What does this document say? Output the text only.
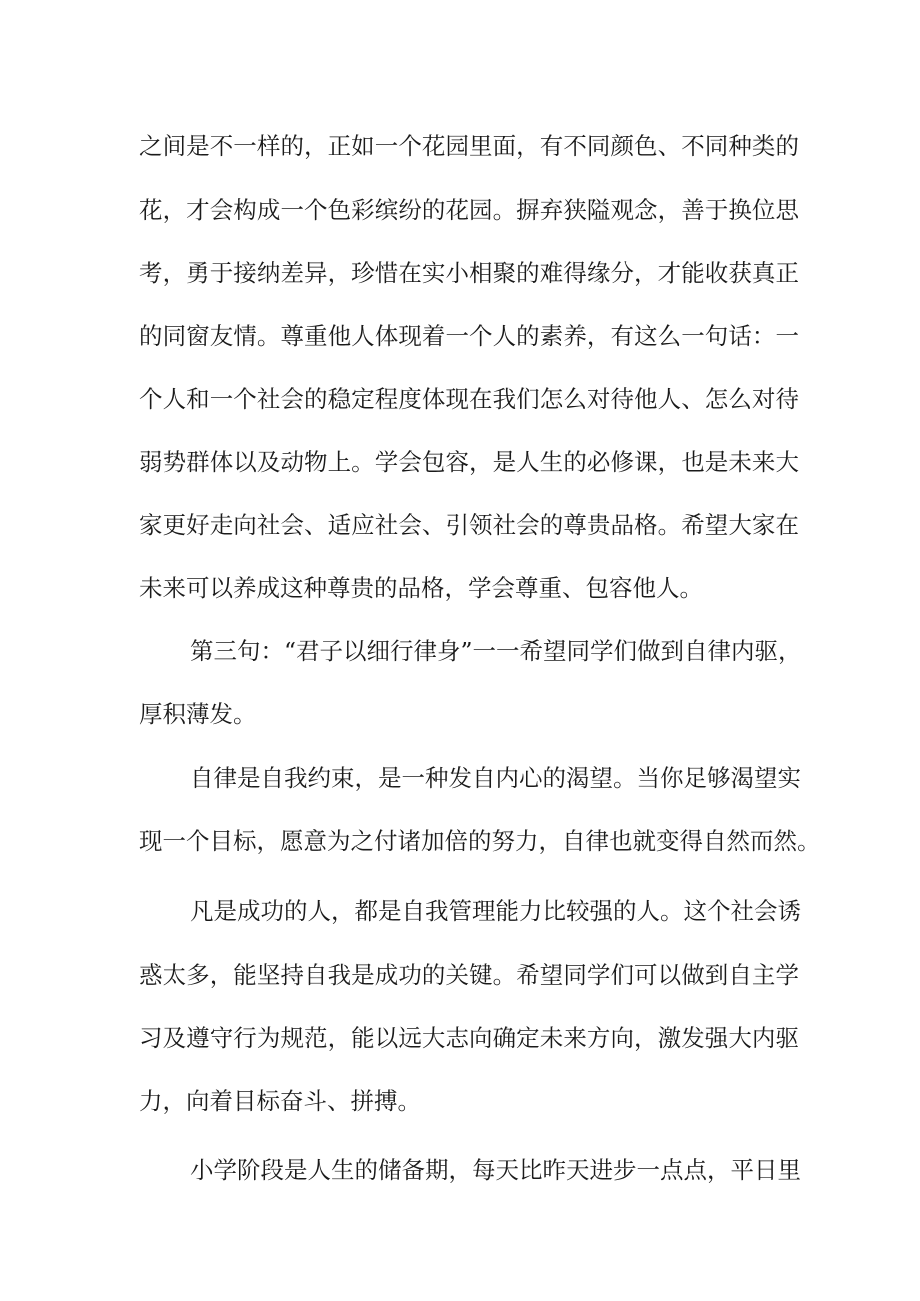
之间是不一样的，正如一个花园里面，有不同颜色、不同种类的
花，才会构成一个色彩缤纷的花园。摒弃狭隘观念，善于换位思
考，勇于接纳差异，珍惜在实小相聚的难得缘分，才能收获真正
的同窗友情。尊重他人体现着一个人的素养，有这么一句话：一
个人和一个社会的稳定程度体现在我们怎么对待他人、怎么对待
弱势群体以及动物上。学会包容，是人生的必修课，也是未来大
家更好走向社会、适应社会、引领社会的尊贵品格。希望大家在
未来可以养成这种尊贵的品格，学会尊重、包容他人。
第三句：“君子以细行律身”一一希望同学们做到自律内驱，
厚积薄发。
自律是自我约束，是一种发自内心的渴望。当你足够渴望实
现一个目标，愿意为之付诸加倍的努力，自律也就变得自然而然。
凡是成功的人，都是自我管理能力比较强的人。这个社会诱
惑太多，能坚持自我是成功的关键。希望同学们可以做到自主学
习及遵守行为规范，能以远大志向确定未来方向，激发强大内驱
力，向着目标奋斗、拼搏。
小学阶段是人生的储备期，每天比昨天进步一点点，平日里
